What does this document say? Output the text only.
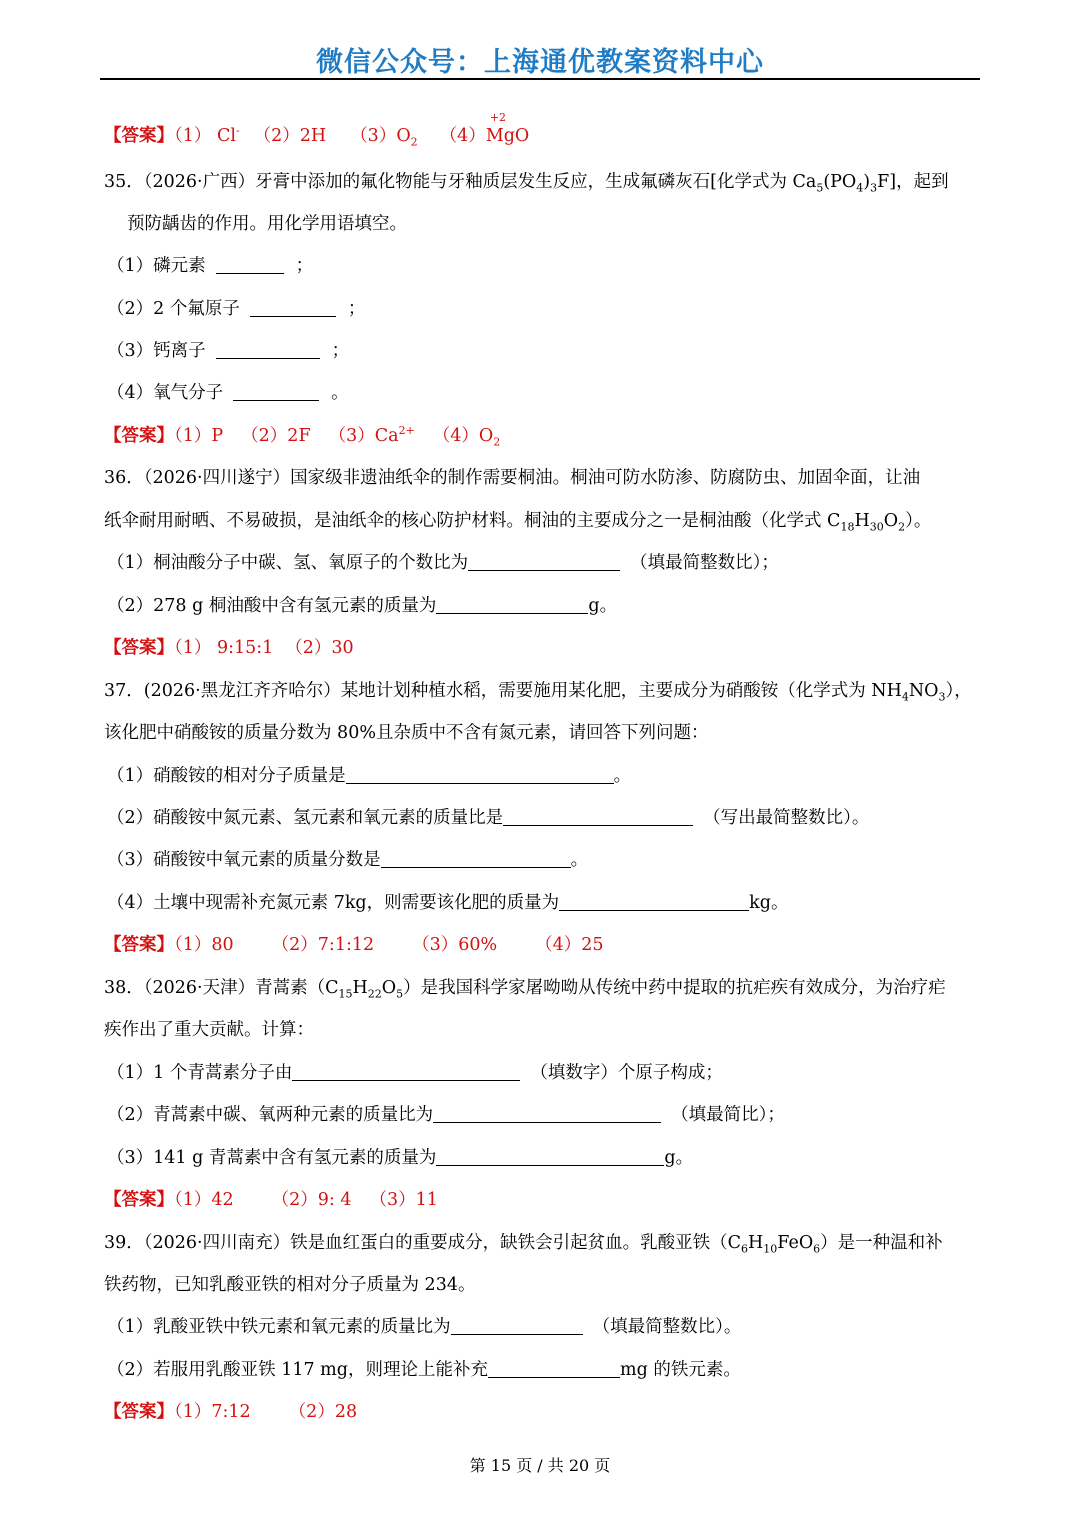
微信公众号：上海通优教案资料中心
【答案】（1） Cl- （2）2H $(3)O_2$ （4）
+2
MgO
35．（2026·广西）牙膏中添加的氟化物能与牙釉质层发生反应，生成氟磷灰石[化学式为 $Ca_5(PO_4)_3F$]，起到
预防龋齿的作用。用化学用语填空。
（1）磷元素	；
（2）2 个氟原子	；
（3）钙离子	；
（4）氧气分子	。
【答案】（1）P （2）2F $(3)Ca^{2+}$ $(4)O_2$
36．（2026·四川遂宁）国家级非遗油纸伞的制作需要桐油。桐油可防水防渗、防腐防虫、加固伞面，让油
纸伞耐用耐晒、不易破损，是油纸伞的核心防护材料。桐油的主要成分之一是桐油酸（化学式 $C_{18}H_{30}O_2$）。
（1）桐油酸分子中碳、氢、氧原子的个数比为	（填最简整数比）；
（2）278 g 桐油酸中含有氢元素的质量为	g。
【答案】（1） 9:15:1 （2）30
37．(2026·黑龙江齐齐哈尔）某地计划种植水稻，需要施用某化肥，主要成分为硝酸铵（化学式为 $NH_4NO_3$），
该化肥中硝酸铵的质量分数为 80%且杂质中不含有氮元素，请回答下列问题：
（1）硝酸铵的相对分子质量是	。
（2）硝酸铵中氮元素、氢元素和氧元素的质量比是	（写出最简整数比）。
（3）硝酸铵中氧元素的质量分数是	。
（4）土壤中现需补充氮元素 7kg，则需要该化肥的质量为	kg。
【答案】（1）80 （2）7:1:12 （3）60% （4）25
38．（2026·天津）青蒿素$(C_{15}H_{22}O_5)$是我国科学家屠呦呦从传统中药中提取的抗疟疾有效成分，为治疗疟
疾作出了重大贡献。计算：
（1）1 个青蒿素分子由	（填数字）个原子构成；
（2）青蒿素中碳、氧两种元素的质量比为	（填最简比）；
（3）141 g 青蒿素中含有氢元素的质量为	g。
【答案】（1）42 （2）9: 4 （3）11
39．（2026·四川南充）铁是血红蛋白的重要成分，缺铁会引起贫血。乳酸亚铁$(C_6H_{10}FeO_6)$是一种温和补
铁药物，已知乳酸亚铁的相对分子质量为 234。
（1）乳酸亚铁中铁元素和氧元素的质量比为	（填最简整数比）。
（2）若服用乳酸亚铁 117 mg，则理论上能补充	mg 的铁元素。
【答案】（1）7:12 （2）28
第 15 页 / 共 20 页
